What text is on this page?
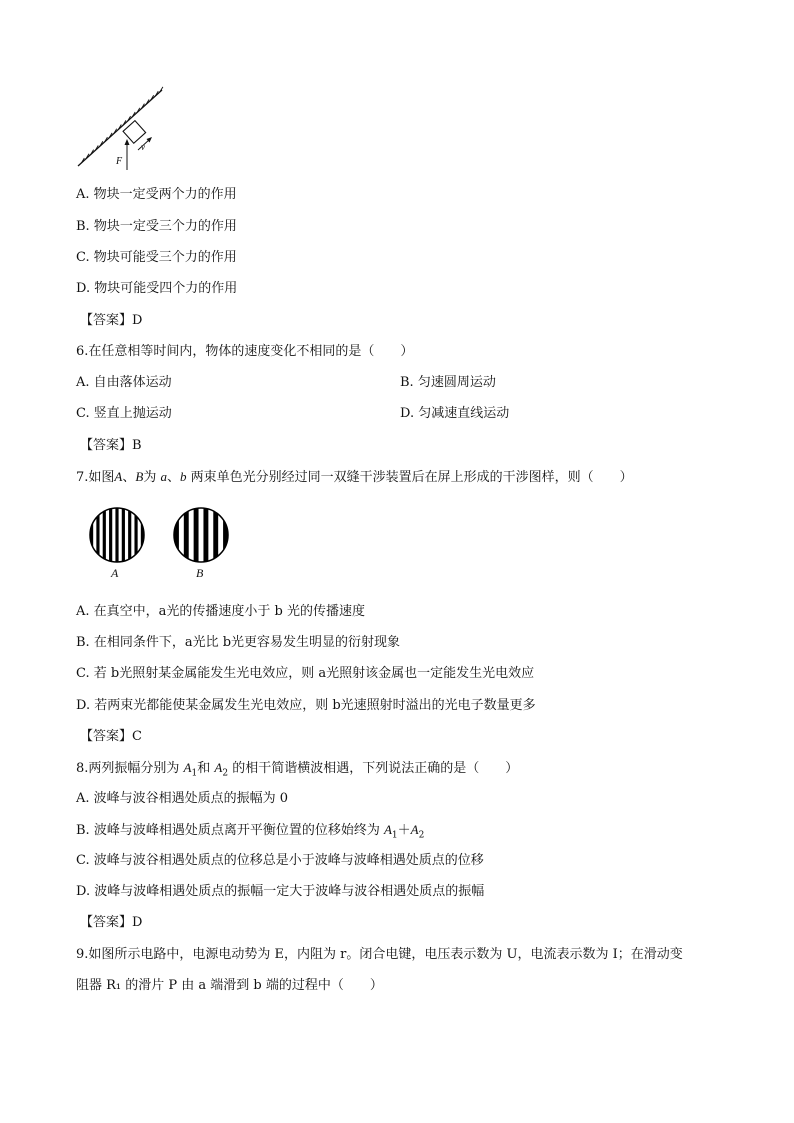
F
v
A. 物块一定受两个力的作用
B. 物块一定受三个力的作用
C. 物块可能受三个力的作用
D. 物块可能受四个力的作用
【答案】D
6.在任意相等时间内，物体的速度变化不相同的是（　　）
A. 自由落体运动	B. 匀速圆周运动
C. 竖直上抛运动	D. 匀减速直线运动
【答案】B
7.如图A、B为 a、b 两束单色光分别经过同一双缝干涉装置后在屏上形成的干涉图样，则（　　）
A	B
A. 在真空中，a光的传播速度小于 b 光的传播速度
B. 在相同条件下，a光比 b光更容易发生明显的衍射现象
C. 若 b光照射某金属能发生光电效应，则 a光照射该金属也一定能发生光电效应
D. 若两束光都能使某金属发生光电效应，则 b光速照射时溢出的光电子数量更多
【答案】C
8.两列振幅分别为 $A_1$和 $A_2$ 的相干简谐横波相遇，下列说法正确的是（　　）
A. 波峰与波谷相遇处质点的振幅为 0
B. 波峰与波峰相遇处质点离开平衡位置的位移始终为 $A_1+A_2$
C. 波峰与波谷相遇处质点的位移总是小于波峰与波峰相遇处质点的位移
D. 波峰与波峰相遇处质点的振幅一定大于波峰与波谷相遇处质点的振幅
【答案】D
9.如图所示电路中，电源电动势为 E，内阻为 r。闭合电键，电压表示数为 U，电流表示数为 I；在滑动变
阻器 R₁ 的滑片 P 由 a 端滑到 b 端的过程中（　　）
